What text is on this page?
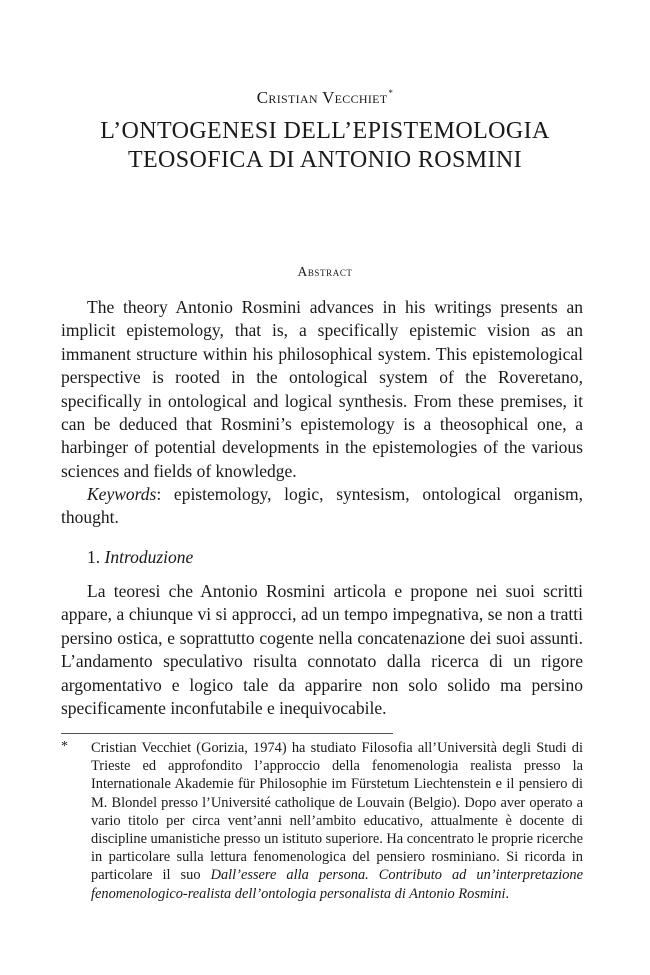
Cristian Vecchiet*
L’ONTOGENESI DELL’EPISTEMOLOGIA
TEOSOFICA DI ANTONIO ROSMINI
Abstract

The theory Antonio Rosmini advances in his writings presents an implicit epistemology, that is, a specifically epistemic vision as an immanent structure within his philosophical system. This epistemological perspective is rooted in the ontological system of the Roveretano, specifically in ontological and logical synthesis. From these premises, it can be deduced that Rosmini’s epistemology is a theosophical one, a harbinger of potential developments in the epistemologies of the various sciences and fields of knowledge.

Keywords: epistemology, logic, syntesism, ontological organism, thought.

1. Introduzione

La teoresi che Antonio Rosmini articola e propone nei suoi scritti appare, a chiunque vi si approcci, ad un tempo impegnativa, se non a tratti persino ostica, e soprattutto cogente nella concatenazione dei suoi assunti. L’andamento speculativo risulta connotato dalla ricerca di un rigore argomentativo e logico tale da apparire non solo solido ma persino specificamente inconfutabile e inequivocabile.

* Cristian Vecchiet (Gorizia, 1974) ha studiato Filosofia all’Università degli Studi di Trieste ed approfondito l’approccio della fenomenologia realista presso la Internationale Akademie für Philosophie im Fürstetum Liechtenstein e il pensiero di M. Blondel presso l’Université catholique de Louvain (Belgio). Dopo aver operato a vario titolo per circa vent’anni nell’ambito educativo, attualmente è docente di discipline umanistiche presso un istituto superiore. Ha concentrato le proprie ricerche in particolare sulla lettura fenomenologica del pensiero rosminiano. Si ricorda in particolare il suo Dall’essere alla persona. Contributo ad un’interpretazione fenomenologico-realista dell’ontologia personalista di Antonio Rosmini.
